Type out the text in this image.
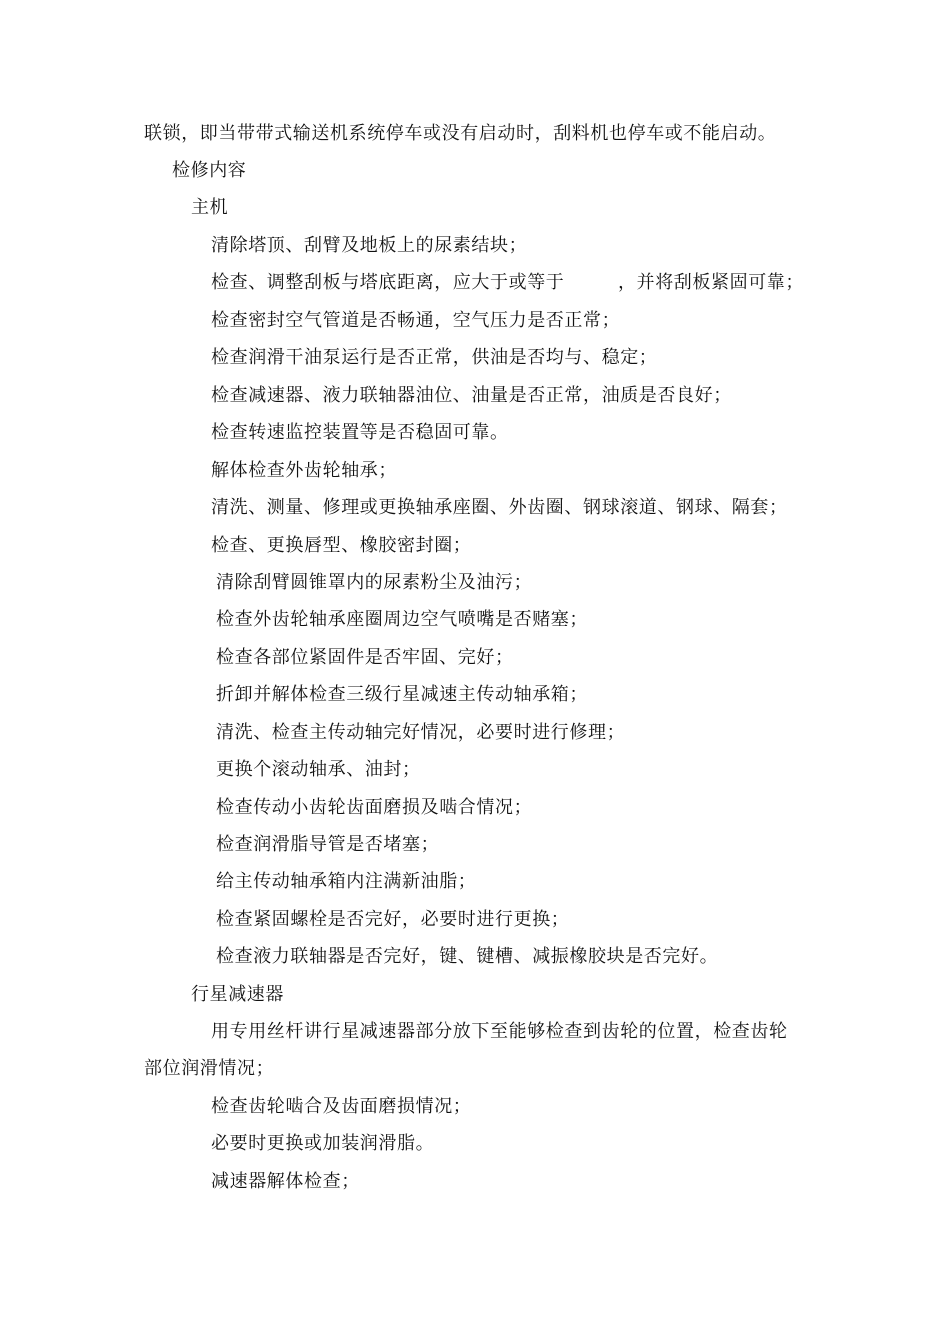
联锁，即当带带式输送机系统停车或没有启动时，刮料机也停车或不能启动。
检修内容
主机
清除塔顶、刮臂及地板上的尿素结块；
检查、调整刮板与塔底距离，应大于或等于	，并将刮板紧固可靠；
检查密封空气管道是否畅通，空气压力是否正常；
检查润滑干油泵运行是否正常，供油是否均与、稳定；
检查减速器、液力联轴器油位、油量是否正常，油质是否良好；
检查转速监控装置等是否稳固可靠。
解体检查外齿轮轴承；
清洗、测量、修理或更换轴承座圈、外齿圈、钢球滚道、钢球、隔套；
检查、更换唇型、橡胶密封圈；
清除刮臂圆锥罩内的尿素粉尘及油污；
检查外齿轮轴承座圈周边空气喷嘴是否赌塞；
检查各部位紧固件是否牢固、完好；
折卸并解体检查三级行星减速主传动轴承箱；
清洗、检查主传动轴完好情况，必要时进行修理；
更换个滚动轴承、油封；
检查传动小齿轮齿面磨损及啮合情况；
检查润滑脂导管是否堵塞；
给主传动轴承箱内注满新油脂；
检查紧固螺栓是否完好，必要时进行更换；
检查液力联轴器是否完好，键、键槽、减振橡胶块是否完好。
行星减速器
用专用丝杆讲行星减速器部分放下至能够检查到齿轮的位置，检查齿轮
部位润滑情况；
检查齿轮啮合及齿面磨损情况；
必要时更换或加装润滑脂。
减速器解体检查；
